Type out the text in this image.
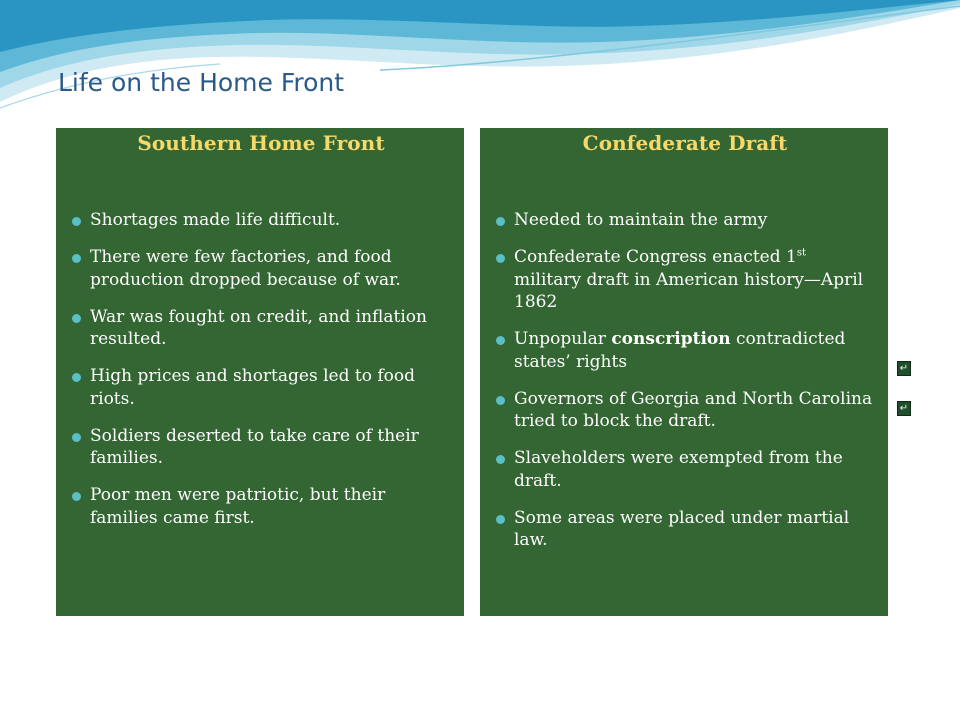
Life on the Home Front
Southern Home Front
Shortages made life difficult.
There were few factories, and food production dropped because of war.
War was fought on credit, and inflation resulted.
High prices and shortages led to food riots.
Soldiers deserted to take care of their families.
Poor men were patriotic, but their families came first.
Confederate Draft
Needed to maintain the army
Confederate Congress enacted 1st military draft in American history—April 1862
Unpopular conscription contradicted states’ rights
Governors of Georgia and North Carolina tried to block the draft.
Slaveholders were exempted from the draft.
Some areas were placed under martial law.
↵
↵
